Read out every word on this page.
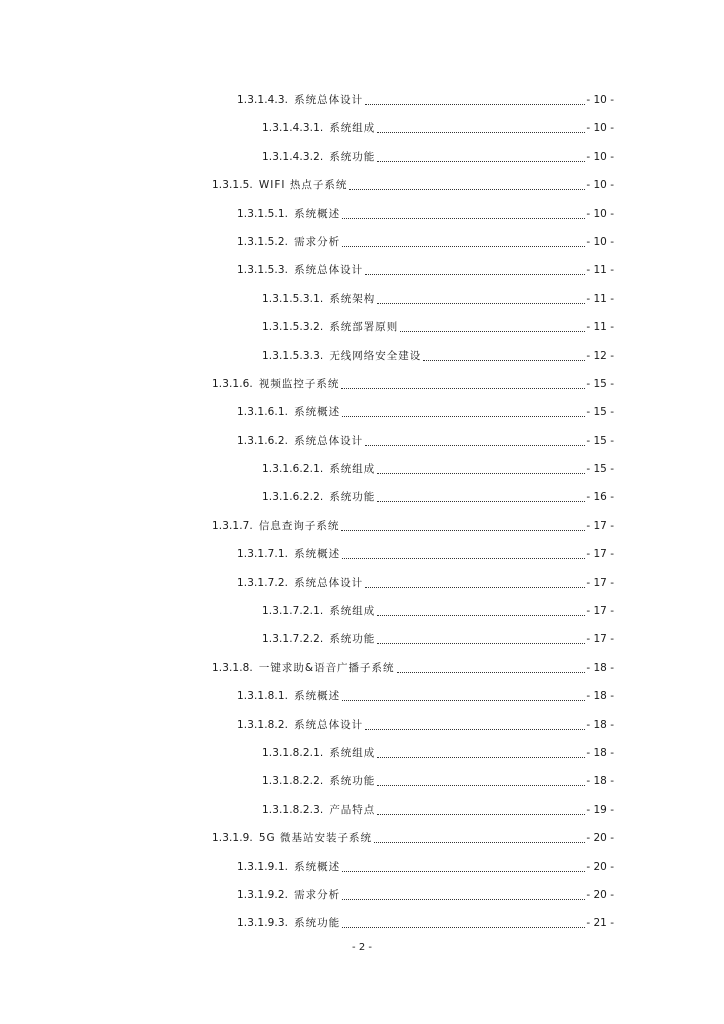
1.3.1.4.3. 系统总体设计	- 10 -
1.3.1.4.3.1. 系统组成	- 10 -
1.3.1.4.3.2. 系统功能	- 10 -
1.3.1.5. WIFI 热点子系统	- 10 -
1.3.1.5.1. 系统概述	- 10 -
1.3.1.5.2. 需求分析	- 10 -
1.3.1.5.3. 系统总体设计	- 11 -
1.3.1.5.3.1. 系统架构	- 11 -
1.3.1.5.3.2. 系统部署原则	- 11 -
1.3.1.5.3.3. 无线网络安全建设	- 12 -
1.3.1.6. 视频监控子系统	- 15 -
1.3.1.6.1. 系统概述	- 15 -
1.3.1.6.2. 系统总体设计	- 15 -
1.3.1.6.2.1. 系统组成	- 15 -
1.3.1.6.2.2. 系统功能	- 16 -
1.3.1.7. 信息查询子系统	- 17 -
1.3.1.7.1. 系统概述	- 17 -
1.3.1.7.2. 系统总体设计	- 17 -
1.3.1.7.2.1. 系统组成	- 17 -
1.3.1.7.2.2. 系统功能	- 17 -
1.3.1.8. 一键求助&语音广播子系统	- 18 -
1.3.1.8.1. 系统概述	- 18 -
1.3.1.8.2. 系统总体设计	- 18 -
1.3.1.8.2.1. 系统组成	- 18 -
1.3.1.8.2.2. 系统功能	- 18 -
1.3.1.8.2.3. 产品特点	- 19 -
1.3.1.9. 5G 微基站安装子系统	- 20 -
1.3.1.9.1. 系统概述	- 20 -
1.3.1.9.2. 需求分析	- 20 -
1.3.1.9.3. 系统功能	- 21 -
- 2 -
